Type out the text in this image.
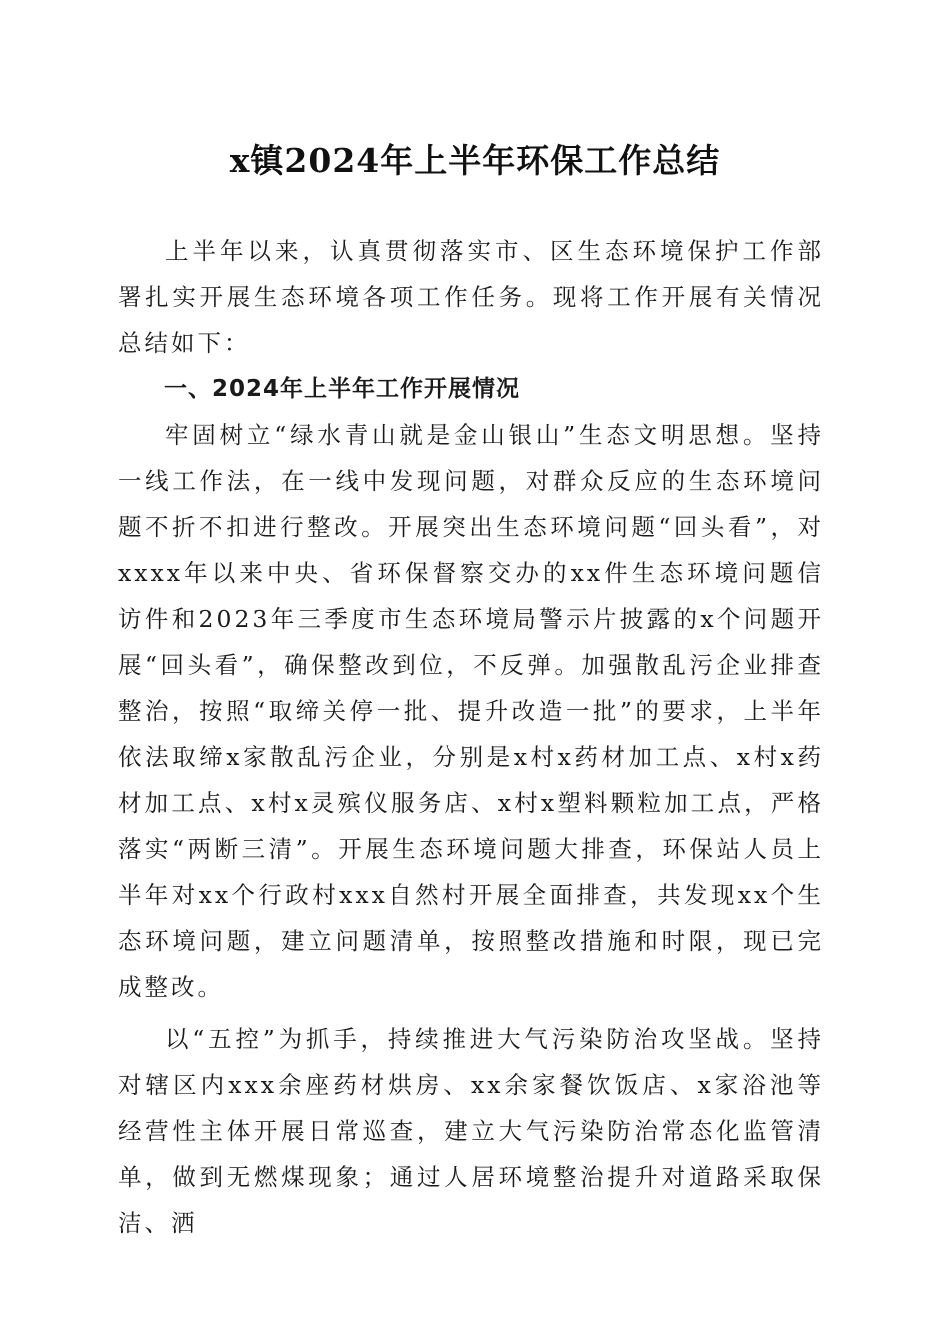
x镇2024年上半年环保工作总结

上半年以来，认真贯彻落实市、区生态环境保护工作部署扎实开展生态环境各项工作任务。现将工作开展有关情况总结如下：

一、2024年上半年工作开展情况

牢固树立“绿水青山就是金山银山”生态文明思想。坚持一线工作法，在一线中发现问题，对群众反应的生态环境问题不折不扣进行整改。开展突出生态环境问题“回头看”，对xxxx年以来中央、省环保督察交办的xx件生态环境问题信访件和2023年三季度市生态环境局警示片披露的x个问题开展“回头看”，确保整改到位，不反弹。加强散乱污企业排查整治，按照“取缔关停一批、提升改造一批”的要求，上半年依法取缔x家散乱污企业，分别是x村x药材加工点、x村x药材加工点、x村x灵殡仪服务店、x村x塑料颗粒加工点，严格落实“两断三清”。开展生态环境问题大排查，环保站人员上半年对xx个行政村xxx自然村开展全面排查，共发现xx个生态环境问题，建立问题清单，按照整改措施和时限，现已完成整改。

以“五控”为抓手，持续推进大气污染防治攻坚战。坚持对辖区内xxx余座药材烘房、xx余家餐饮饭店、x家浴池等经营性主体开展日常巡查，建立大气污染防治常态化监管清单，做到无燃煤现象；通过人居环境整治提升对道路采取保洁、洒
